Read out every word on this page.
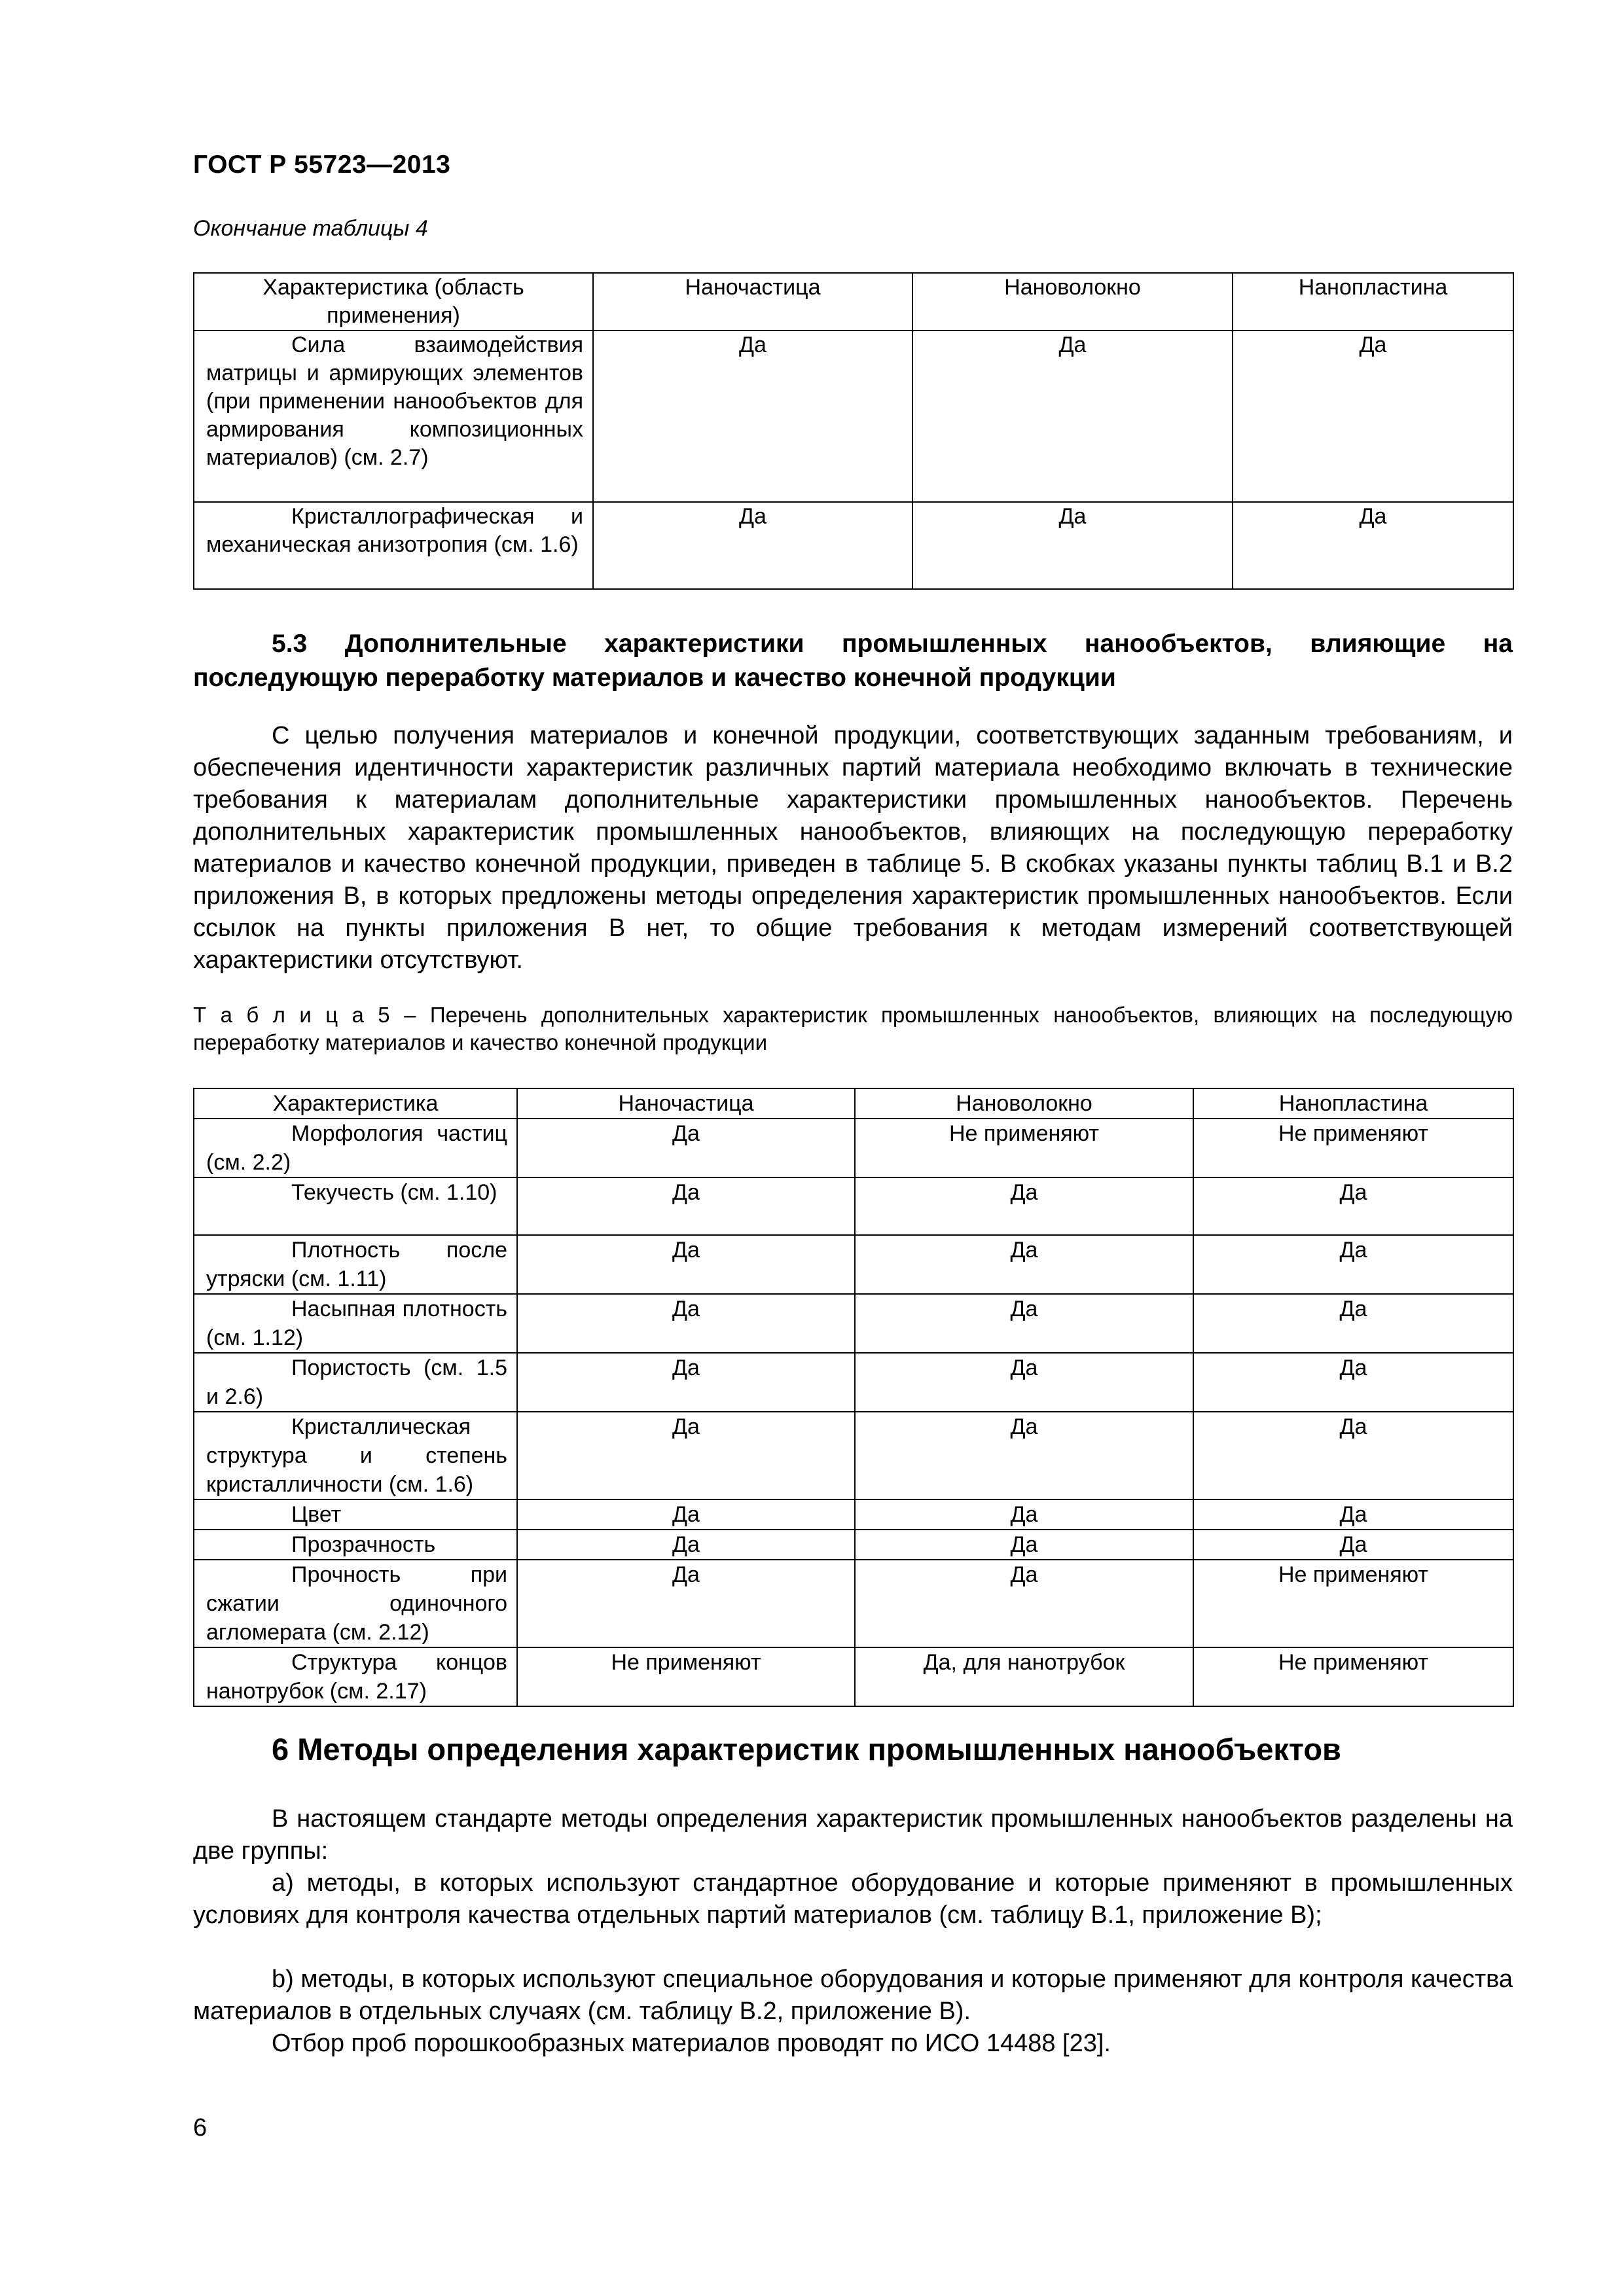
ГОСТ Р 55723—2013
Окончание таблицы 4
Характеристика (область применения)	Наночастица	Нановолокно	Нанопластина
Сила взаимодействия матрицы и армирующих элементов (при применении нанообъектов для армирования композиционных материалов) (см. 2.7)	Да	Да	Да
Кристаллографическая и механическая анизотропия (см. 1.6)	Да	Да	Да
5.3 Дополнительные характеристики промышленных нанообъектов, влияющие на последующую переработку материалов и качество конечной продукции
С целью получения материалов и конечной продукции, соответствующих заданным требованиям, и обеспечения идентичности характеристик различных партий материала необходимо включать в технические требования к материалам дополнительные характеристики промышленных нанообъектов. Перечень дополнительных характеристик промышленных нанообъектов, влияющих на последующую переработку материалов и качество конечной продукции, приведен в таблице 5. В скобках указаны пункты таблиц В.1 и В.2 приложения В, в которых предложены методы определения характеристик промышленных нанообъектов. Если ссылок на пункты приложения В нет, то общие требования к методам измерений соответствующей характеристики отсутствуют.
Т а б л и ц а 5 – Перечень дополнительных характеристик промышленных нанообъектов, влияющих на последующую переработку материалов и качество конечной продукции
Характеристика	Наночастица	Нановолокно	Нанопластина
Морфология частиц (см. 2.2)	Да	Не применяют	Не применяют
Текучесть (см. 1.10)	Да	Да	Да
Плотность после утряски (см. 1.11)	Да	Да	Да
Насыпная плотность (см. 1.12)	Да	Да	Да
Пористость (см. 1.5 и 2.6)	Да	Да	Да
Кристаллическая структура и степень кристалличности (см. 1.6)	Да	Да	Да
Цвет	Да	Да	Да
Прозрачность	Да	Да	Да
Прочность при сжатии одиночного агломерата (см. 2.12)	Да	Да	Не применяют
Структура концов нанотрубок (см. 2.17)	Не применяют	Да, для нанотрубок	Не применяют
6 Методы определения характеристик промышленных нанообъектов
В настоящем стандарте методы определения характеристик промышленных нанообъектов разделены на две группы:
а) методы, в которых используют стандартное оборудование и которые применяют в промышленных условиях для контроля качества отдельных партий материалов (см. таблицу В.1, приложение В);
b) методы, в которых используют специальное оборудования и которые применяют для контроля качества материалов в отдельных случаях (см. таблицу В.2, приложение В).
Отбор проб порошкообразных материалов проводят по ИСО 14488 [23].
6
